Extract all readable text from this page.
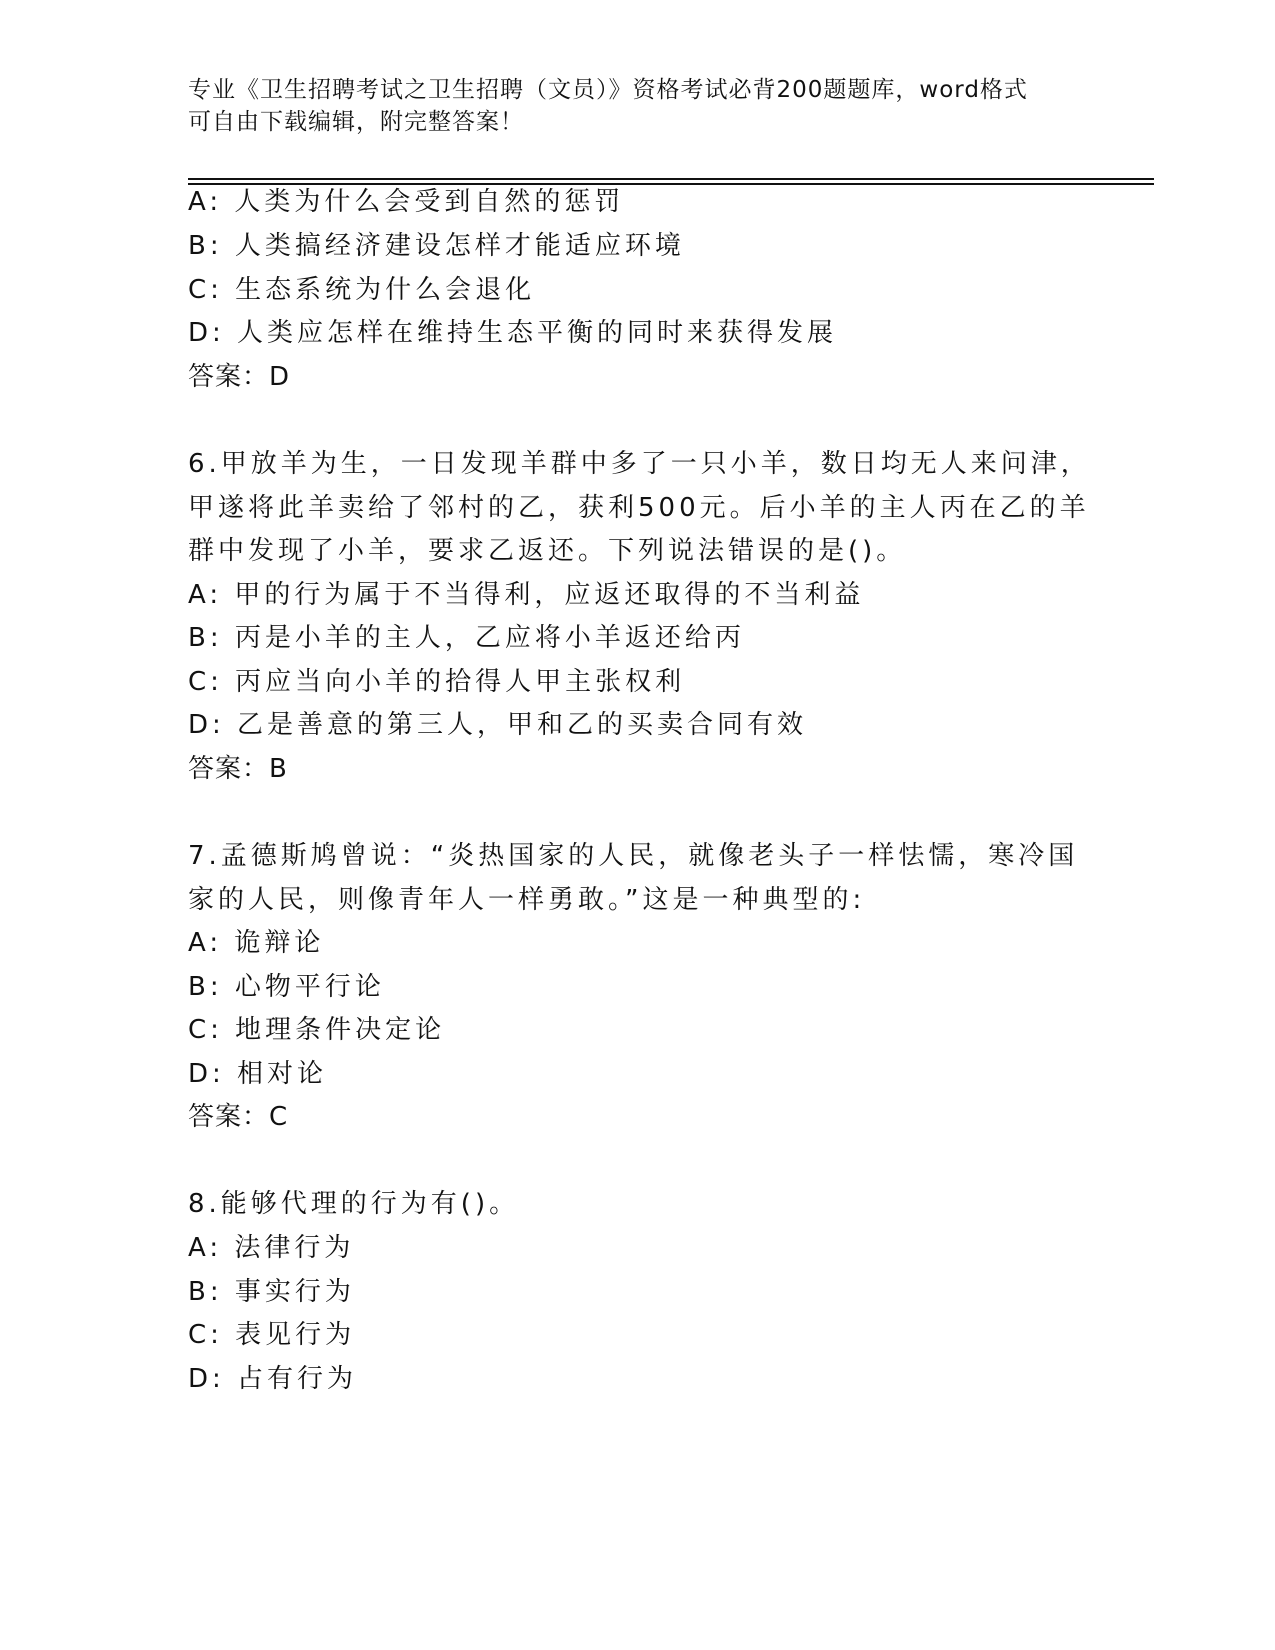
专业《卫生招聘考试之卫生招聘（文员）》资格考试必背200题题库，word格式
可自由下载编辑，附完整答案！
A: 人类为什么会受到自然的惩罚
B: 人类搞经济建设怎样才能适应环境
C: 生态系统为什么会退化
D: 人类应怎样在维持生态平衡的同时来获得发展
答案：D
6.甲放羊为生，一日发现羊群中多了一只小羊，数日均无人来问津，
甲遂将此羊卖给了邻村的乙，获利500元。后小羊的主人丙在乙的羊
群中发现了小羊，要求乙返还。下列说法错误的是()。
A: 甲的行为属于不当得利，应返还取得的不当利益
B: 丙是小羊的主人，乙应将小羊返还给丙
C: 丙应当向小羊的拾得人甲主张权利
D: 乙是善意的第三人，甲和乙的买卖合同有效
答案：B
7.孟德斯鸠曾说：“炎热国家的人民，就像老头子一样怯懦，寒冷国
家的人民，则像青年人一样勇敢。”这是一种典型的:
A: 诡辩论
B: 心物平行论
C: 地理条件决定论
D: 相对论
答案：C
8.能够代理的行为有()。
A: 法律行为
B: 事实行为
C: 表见行为
D: 占有行为
